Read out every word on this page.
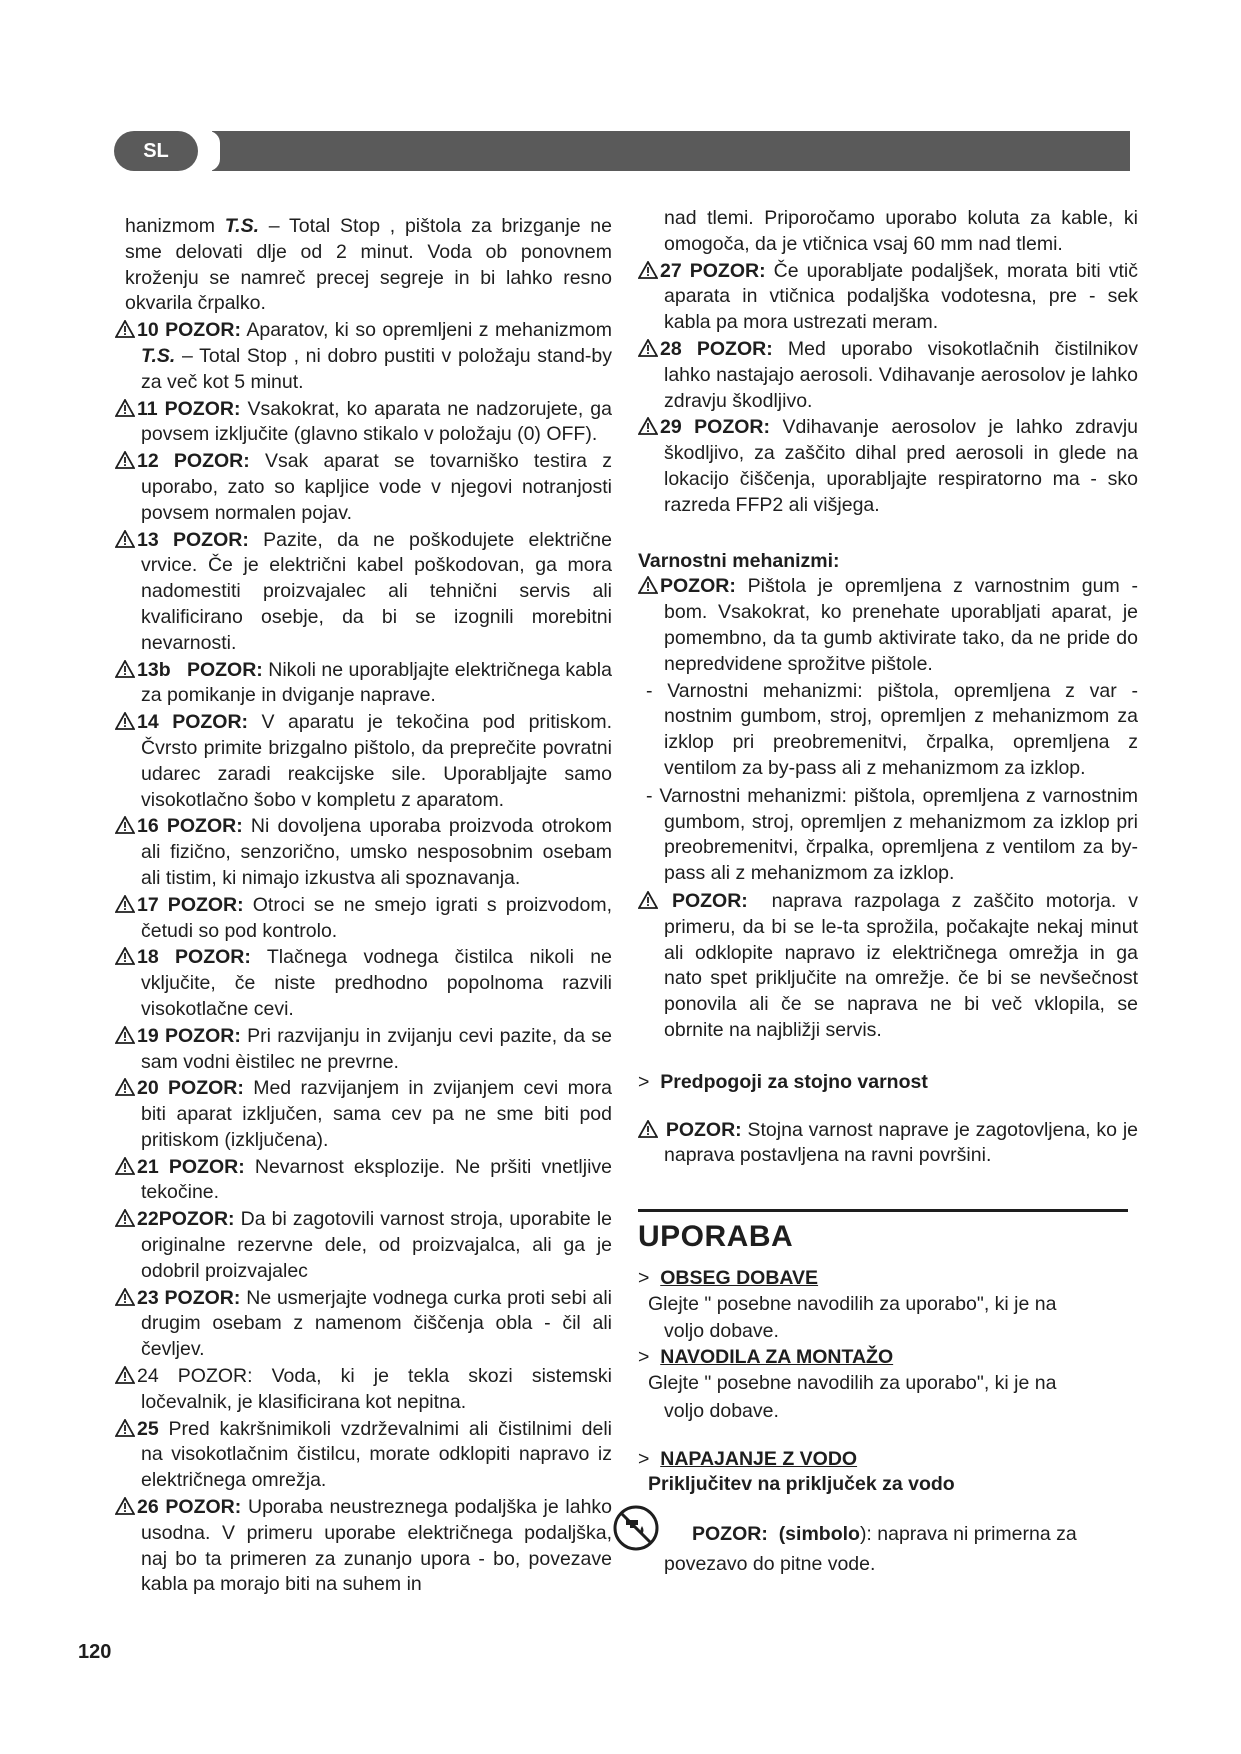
SL

hanizmom T.S. – Total Stop , pištola za brizganje ne sme delovati dlje od 2 minut. Voda ob ponovnem kroženju se namreč precej segreje in bi lahko resno okvarila črpalko.

10 POZOR: Aparatov, ki so opremljeni z mehanizmom T.S. – Total Stop , ni dobro pustiti v položaju stand-by za več kot 5 minut.

11 POZOR: Vsakokrat, ko aparata ne nadzorujete, ga povsem izključite (glavno stikalo v položaju (0) OFF).

12 POZOR: Vsak aparat se tovarniško testira z uporabo, zato so kapljice vode v njegovi notranjosti povsem normalen pojav.

13 POZOR: Pazite, da ne poškodujete električne vrvice. Če je električni kabel poškodovan, ga mora nadomestiti proizvajalec ali tehnični servis ali kvalificirano osebje, da bi se izognili morebitni nevarnosti.

13b POZOR: Nikoli ne uporabljajte električnega kabla za pomikanje in dviganje naprave.

14 POZOR: V aparatu je tekočina pod pritiskom. Čvrsto primite brizgalno pištolo, da preprečite povratni udarec zaradi reakcijske sile. Uporabljajte samo visokotlačno šobo v kompletu z aparatom.

16 POZOR: Ni dovoljena uporaba proizvoda otrokom ali fizično, senzorično, umsko nesposobnim osebam ali tistim, ki nimajo izkustva ali spoznavanja.

17 POZOR: Otroci se ne smejo igrati s proizvodom, četudi so pod kontrolo.

18 POZOR: Tlačnega vodnega čistilca nikoli ne vključite, če niste predhodno popolnoma razvili visokotlačne cevi.

19 POZOR: Pri razvijanju in zvijanju cevi pazite, da se sam vodni èistilec ne prevrne.

20 POZOR: Med razvijanjem in zvijanjem cevi mora biti aparat izključen, sama cev pa ne sme biti pod pritiskom (izključena).

21 POZOR: Nevarnost eksplozije. Ne pršiti vnetljive tekočine.

22POZOR: Da bi zagotovili varnost stroja, uporabite le originalne rezervne dele, od proizvajalca, ali ga je odobril proizvajalec

23 POZOR: Ne usmerjajte vodnega curka proti sebi ali drugim osebam z namenom čiščenja obla - čil ali čevljev.

24 POZOR: Voda, ki je tekla skozi sistemski ločevalnik, je klasificirana kot nepitna.

25 Pred kakršnimikoli vzdrževalnimi ali čistilnimi deli na visokotlačnim čistilcu, morate odklopiti napravo iz električnega omrežja.

26 POZOR: Uporaba neustreznega podaljška je lahko usodna. V primeru uporabe električnega podaljška, naj bo ta primeren za zunanjo upora - bo, povezave kabla pa morajo biti na suhem in

nad tlemi. Priporočamo uporabo koluta za kable, ki omogoča, da je vtičnica vsaj 60 mm nad tlemi.

27 POZOR: Če uporabljate podaljšek, morata biti vtič aparata in vtičnica podaljška vodotesna, pre - sek kabla pa mora ustrezati meram.

28 POZOR: Med uporabo visokotlačnih čistilnikov lahko nastajajo aerosoli. Vdihavanje aerosolov je lahko zdravju škodljivo.

29 POZOR: Vdihavanje aerosolov je lahko zdravju škodljivo, za zaščito dihal pred aerosoli in glede na lokacijo čiščenja, uporabljajte respiratorno ma - sko razreda FFP2 ali višjega.

Varnostni mehanizmi:

POZOR: Pištola je opremljena z varnostnim gum - bom. Vsakokrat, ko prenehate uporabljati aparat, je pomembno, da ta gumb aktivirate tako, da ne pride do nepredvidene sprožitve pištole.

- Varnostni mehanizmi: pištola, opremljena z var - nostnim gumbom, stroj, opremljen z mehanizmom za izklop pri preobremenitvi, črpalka, opremljena z ventilom za by-pass ali z mehanizmom za izklop.

- Varnostni mehanizmi: pištola, opremljena z varnostnim gumbom, stroj, opremljen z mehanizmom za izklop pri preobremenitvi, črpalka, opremljena z ventilom za by-pass ali z mehanizmom za izklop.

POZOR: naprava razpolaga z zaščito motorja. v primeru, da bi se le-ta sprožila, počakajte nekaj minut ali odklopite napravo iz električnega omrežja in ga nato spet priključite na omrežje. če bi se nevšečnost ponovila ali če se naprava ne bi več vklopila, se obrnite na najbližji servis.

> Predpogoji za stojno varnost

POZOR: Stojna varnost naprave je zagotovljena, ko je naprava postavljena na ravni površini.

UPORABA

> OBSEG DOBAVE

Glejte " posebne navodilih za uporabo", ki je na

voljo dobave.

> NAVODILA ZA MONTAŽO

Glejte " posebne navodilih za uporabo", ki je na

voljo dobave.

> NAPAJANJE Z VODO

Priključitev na priključek za vodo

POZOR: (simbolo): naprava ni primerna za

povezavo do pitne vode.

120
